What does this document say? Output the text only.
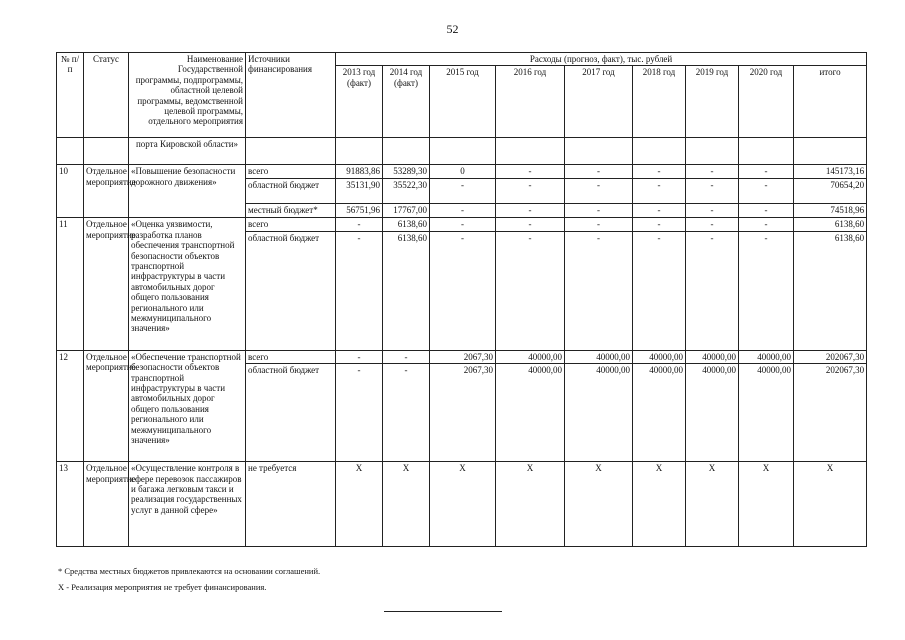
52
№ п/п	Статус	Наименование Государственной программы, подпрограммы, областной целевой программы, ведомственной целевой программы, отдельного мероприятия	Источники финансирования	Расходы (прогноз, факт), тыс. рублей								
				2013 год (факт)	2014 год (факт)	2015 год	2016 год	2017 год	2018 год	2019 год	2020 год	итого
		порта Кировской области»										
10	Отдельное мероприятие	«Повышение безопасности дорожного движения»	всего	91883,86	53289,30	0	-	-	-	-	-	145173,16
			областной бюджет	35131,90	35522,30	-	-	-	-	-	-	70654,20
			местный бюджет*	56751,96	17767,00	-	-	-	-	-	-	74518,96
11	Отдельное мероприятие	«Оценка уязвимости, разработка планов обеспечения транспортной безопасности объектов транспортной инфраструктуры в части автомобильных дорог общего пользования регионального или межмуниципального значения»	всего	-	6138,60	-	-	-	-	-	-	6138,60
			областной бюджет	-	6138,60	-	-	-	-	-	-	6138,60
12	Отдельное мероприятие	«Обеспечение транспортной безопасности объектов транспортной инфраструктуры в части автомобильных дорог общего пользования регионального или межмуниципального значения»	всего	-	-	2067,30	40000,00	40000,00	40000,00	40000,00	40000,00	202067,30
			областной бюджет	-	-	2067,30	40000,00	40000,00	40000,00	40000,00	40000,00	202067,30
13	Отдельное мероприятие	«Осуществление контроля в сфере перевозок пассажиров и багажа легковым такси и реализация государственных услуг в данной сфере»	не требуется	X	X	X	X	X	X	X	X	X
* Средства местных бюджетов привлекаются на основании соглашений.
X - Реализация мероприятия не требует финансирования.
